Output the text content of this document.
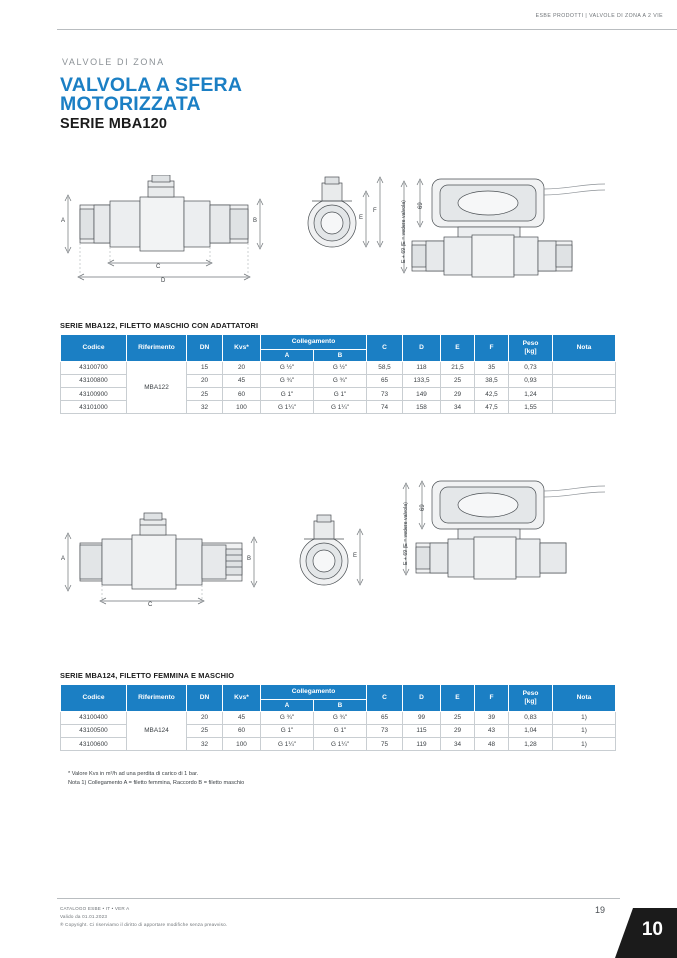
ESBE PRODOTTI | VALVOLE DI ZONA A 2 VIE
VALVOLE DI ZONA
VALVOLA A SFERA
MOTORIZZATA
SERIE MBA120
A	B
C
D
E
F
69
E + 69 (E = vedere valvola)
SERIE MBA122, FILETTO MASCHIO CON ADATTATORI
Codice	Riferimento	DN	Kvs*	Collegamento		C	D	E	F	Peso
[kg]	Nota
				A	B						
43100700	MBA122	15	20	G ½"	G ½"	58,5	118	21,5	35	0,73	
43100800		20	45	G ¾"	G ¾"	65	133,5	25	38,5	0,93	
43100900		25	60	G 1"	G 1"	73	149	29	42,5	1,24	
43101000		32	100	G 1¼"	G 1¼"	74	158	34	47,5	1,55	
A	B
C
E
69
E + 69 (E = vedere valvola)
SERIE MBA124, FILETTO FEMMINA E MASCHIO
Codice	Riferimento	DN	Kvs*	Collegamento		C	D	E	F	Peso
[kg]	Nota
				A	B						
43100400	MBA124	20	45	G ¾"	G ¾"	65	99	25	39	0,83	1)
43100500		25	60	G 1"	G 1"	73	115	29	43	1,04	1)
43100600		32	100	G 1¼"	G 1¼"	75	119	34	48	1,28	1)
* Valore Kvs in m³/h ad una perdita di carico di 1 bar.
Nota 1) Collegamento A = filetto femmina, Raccordo B = filetto maschio
CATALOGO ESBE • IT • VER A
Valido da 01.01.2023
® Copyright. Ci riserviamo il diritto di apportare modifiche senza preavviso.
19
10
